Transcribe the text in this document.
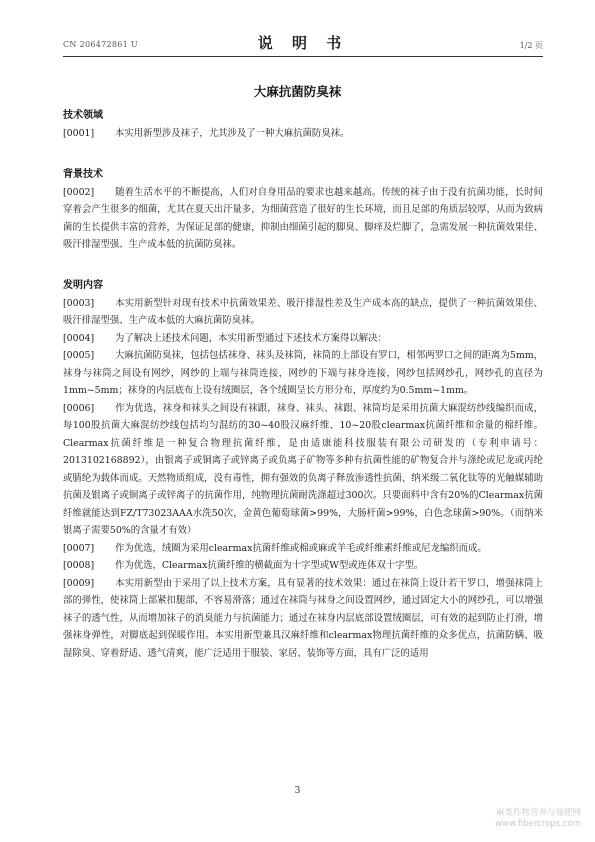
CN 206472861 U	说 明 书	1/2 页
大麻抗菌防臭袜
技术领域

[0001] 本实用新型涉及袜子，尤其涉及了一种大麻抗菌防臭袜。

背景技术

[0002] 随着生活水平的不断提高，人们对自身用品的要求也越来越高。传统的袜子由于没有抗菌功能，长时间穿着会产生很多的细菌，尤其在夏天出汗量多，为细菌营造了很好的生长环境，而且足部的角质层较厚，从而为致病菌的生长提供丰富的营养，为保证足部的健康，抑制由细菌引起的脚臭、脚痒及烂脚了，急需发展一种抗菌效果佳、吸汗排湿型强、生产成本低的抗菌防臭袜。

发明内容

[0003] 本实用新型针对现有技术中抗菌效果差、吸汗排湿性差及生产成本高的缺点，提供了一种抗菌效果佳、吸汗排湿型强、生产成本低的大麻抗菌防臭袜。

[0004] 为了解决上述技术问题，本实用新型通过下述技术方案得以解决：

[0005] 大麻抗菌防臭袜，包括包括袜身、袜头及袜筒，袜筒的上部设有罗口，相邻两罗口之间的距离为5mm，袜身与袜筒之间设有网纱，网纱的上端与袜筒连接，网纱的下端与袜身连接，网纱包括网纱孔，网纱孔的直径为1mm~5mm；袜身的内层底布上设有绒圈层，各个绒圈呈长方形分布，厚度约为0.5mm~1mm。

[0006] 作为优选，袜身和袜头之间设有袜跟，袜身、袜头、袜跟、袜筒均是采用抗菌大麻混纺纱线编织而成，每100股抗菌大麻混纺纱线包括均匀混纺的30~40股汉麻纤维、10~20股clearmax抗菌纤维和余量的棉纤维。Clearmax抗菌纤维是一种复合物理抗菌纤维，是由适康能科技服装有限公司研发的（专利申请号：2013102168892），由银离子或铜离子或锌离子或负离子矿物等多种有抗菌性能的矿物复合并与涤纶或尼龙或丙纶或腈纶为载体而成。天然物质组成，没有毒性，拥有强效的负离子释放渗透性抗菌、纳米级二氧化钛等的光触媒辅助抗菌及银离子或铜离子或锌离子的抗菌作用，纯物理抗菌耐洗涤超过300次。只要面料中含有20%的Clearmax抗菌纤维就能达到FZ/T73023AAA水洗50次，金黄色葡萄球菌>99%，大肠杆菌>99%，白色念球菌>90%。（而纳米银离子需要50%的含量才有效）

[0007] 作为优选，绒圈为采用clearmax抗菌纤维或棉或麻或羊毛或纤维素纤维或尼龙编织而成。

[0008] 作为优选，Clearmax抗菌纤维的横截面为十字型或W型或连体双十字型。

[0009] 本实用新型由于采用了以上技术方案，具有显著的技术效果：通过在袜筒上设计若干罗口，增强袜筒上部的弹性，使袜筒上部紧扣腿部，不容易滑落；通过在袜筒与袜身之间设置网纱，通过固定大小的网纱孔，可以增强袜子的透气性，从而增加袜子的消臭能力与抗菌能力；通过在袜身内层底部设置绒圈层，可有效的起到防止打滑，增强袜身弹性，对脚底起到保暖作用。本实用新型兼具汉麻纤维和clearmax物理抗菌纤维的众多优点，抗菌防螨、吸湿除臭、穿着舒适、透气清爽，能广泛适用于服装、家居、装饰等方面，具有广泛的适用

3
麻类作物营养与施肥网
www.fibercrops.com
